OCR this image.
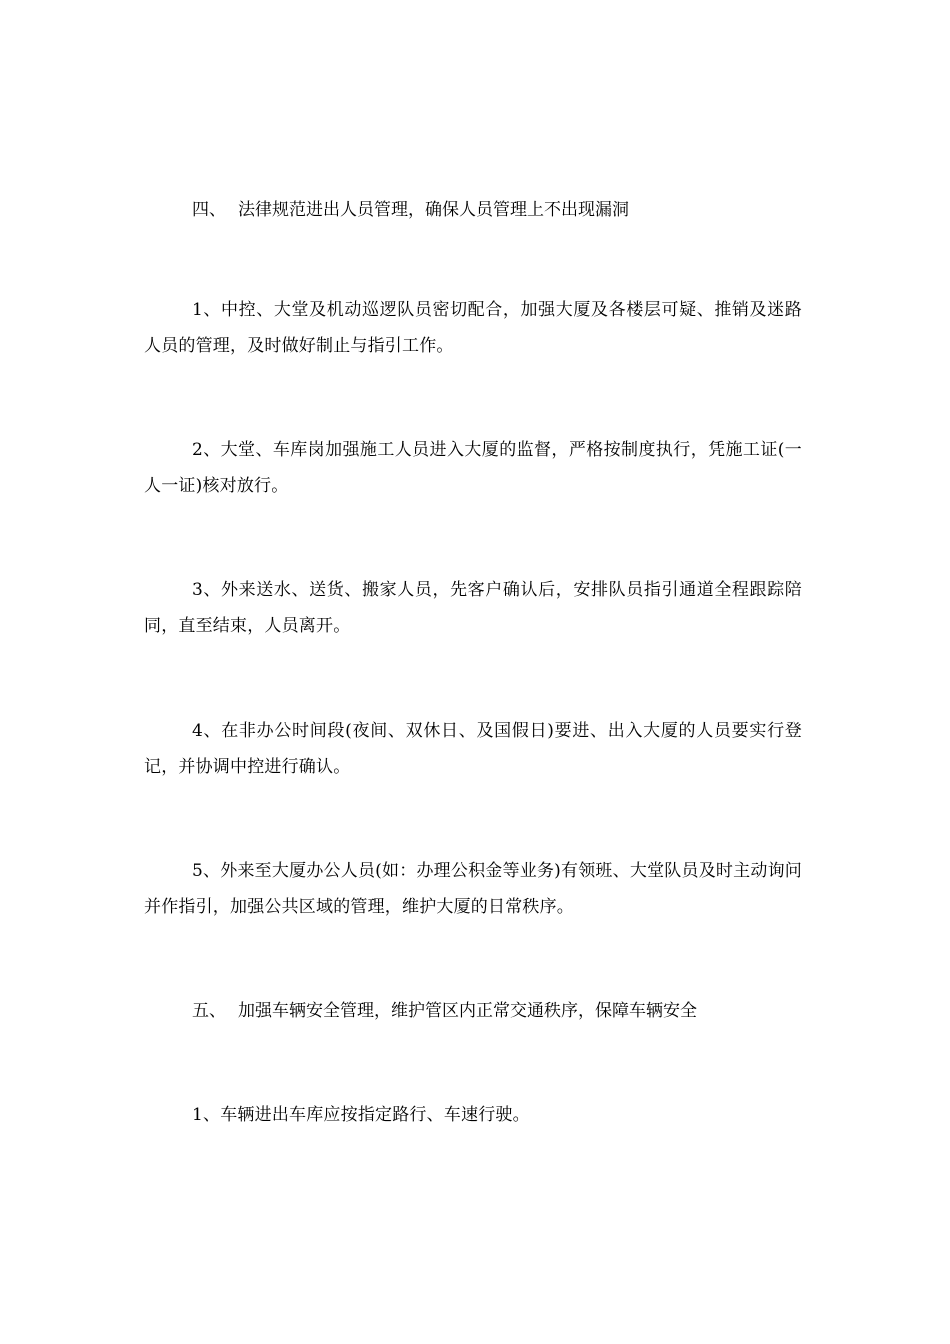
四、 法律规范进出人员管理，确保人员管理上不出现漏洞
1、中控、大堂及机动巡逻队员密切配合，加强大厦及各楼层可疑、推销及迷路人员的管理，及时做好制止与指引工作。
2、大堂、车库岗加强施工人员进入大厦的监督，严格按制度执行，凭施工证(一人一证)核对放行。
3、外来送水、送货、搬家人员，先客户确认后，安排队员指引通道全程跟踪陪同，直至结束，人员离开。
4、在非办公时间段(夜间、双休日、及国假日)要进、出入大厦的人员要实行登记，并协调中控进行确认。
5、外来至大厦办公人员(如：办理公积金等业务)有领班、大堂队员及时主动询问并作指引，加强公共区域的管理，维护大厦的日常秩序。
五、 加强车辆安全管理，维护管区内正常交通秩序，保障车辆安全
1、车辆进出车库应按指定路行、车速行驶。
